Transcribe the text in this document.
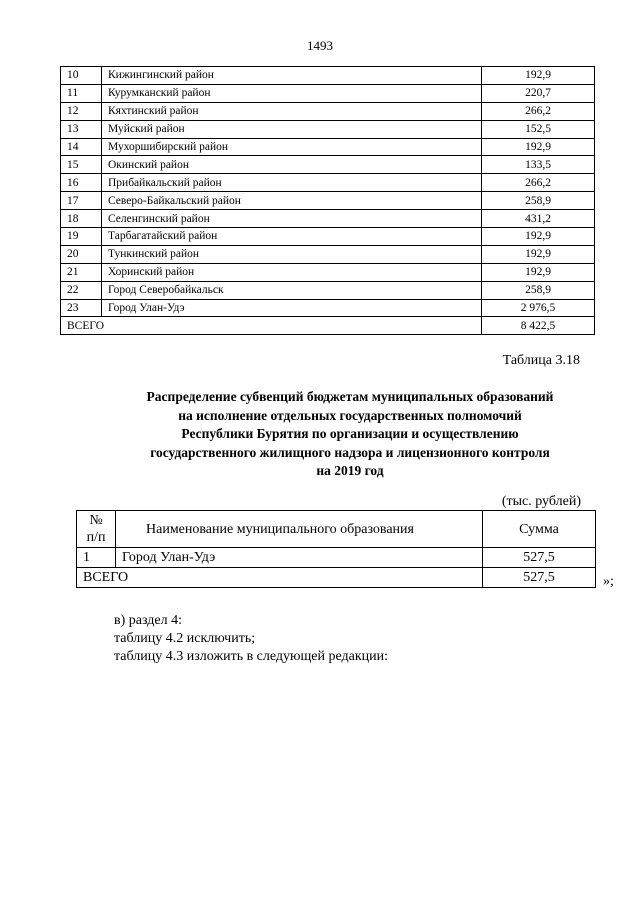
1493
10	Кижингинский район	192,9
11	Курумканский район	220,7
12	Кяхтинский район	266,2
13	Муйский район	152,5
14	Мухоршибирский район	192,9
15	Окинский район	133,5
16	Прибайкальский район	266,2
17	Северо-Байкальский район	258,9
18	Селенгинский район	431,2
19	Тарбагатайский район	192,9
20	Тункинский район	192,9
21	Хоринский район	192,9
22	Город Северобайкальск	258,9
23	Город Улан-Удэ	2 976,5
ВСЕГО		8 422,5
Таблица 3.18
Распределение субвенций бюджетам муниципальных образований
на исполнение отдельных государственных полномочий
Республики Бурятия по организации и осуществлению
государственного жилищного надзора и лицензионного контроля
на 2019 год
(тыс. рублей)
№
п/п	Наименование муниципального образования	Сумма
1	Город Улан-Удэ	527,5
ВСЕГО		527,5	»;
в) раздел 4:
таблицу 4.2 исключить;
таблицу 4.3 изложить в следующей редакции:
